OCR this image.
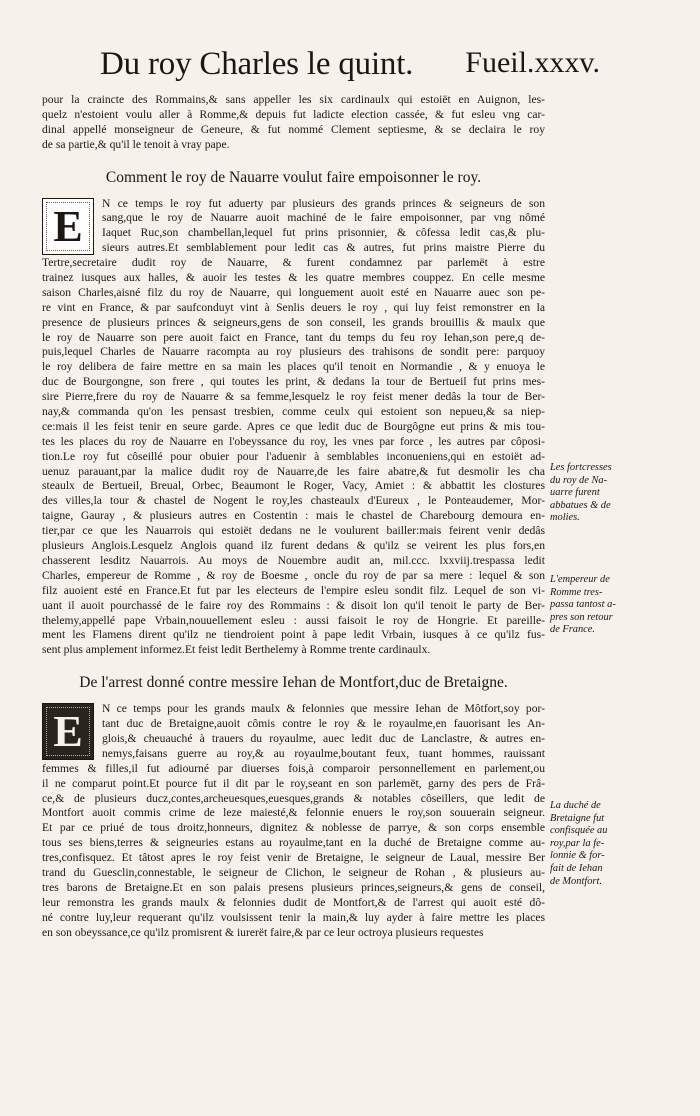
Du roy Charles le quint. Fueil.xxxv.
pour la craincte des Rommains,& sans appeller les six cardinaulx qui estoiët en Auignon, les-
quelz n'estoient voulu aller à Romme,& depuis fut ladicte election cassée, & fut esleu vng car-
dinal appellé monseigneur de Geneure, & fut nommé Clement septiesme, & se declaira le roy
de sa partie,& qu'il le tenoit à vray pape.
Comment le roy de Nauarre voulut faire empoisonner le roy.
E	N ce temps le roy fut aduerty par plusieurs des grands princes & seigneurs de son
sang,que le roy de Nauarre auoit machiné de le faire empoisonner, par vng nômé
Iaquet Ruc,son chambellan,lequel fut prins prisonnier, & côfessa ledit cas,& plu-
sieurs autres.Et semblablement pour ledit cas & autres, fut prins maistre Pierre du
Tertre,secretaire dudit roy de Nauarre, & furent condamnez par parlemët à estre
trainez iusques aux halles, & auoir les testes & les quatre membres couppez. En celle mesme
saison Charles,aisné filz du roy de Nauarre, qui longuement auoit esté en Nauarre auec son pe-
re vint en France, & par saufconduyt vint à Senlis deuers le roy , qui luy feist remonstrer en la
presence de plusieurs princes & seigneurs,gens de son conseil, les grands brouillis & maulx que
le roy de Nauarre son pere auoit faict en France, tant du temps du feu roy Iehan,son pere,q de-
puis,lequel Charles de Nauarre racompta au roy plusieurs des trahisons de sondit pere: parquoy
le roy delibera de faire mettre en sa main les places qu'il tenoit en Normandie , & y enuoya le
duc de Bourgongne, son frere , qui toutes les print, & dedans la tour de Bertueil fut prins mes-
sire Pierre,frere du roy de Nauarre & sa femme,lesquelz le roy feist mener dedâs la tour de Ber-
nay,& commanda qu'on les pensast tresbien, comme ceulx qui estoient son nepueu,& sa niep-
ce:mais il les feist tenir en seure garde. Apres ce que ledit duc de Bourgôgne eut prins & mis tou-
tes les places du roy de Nauarre en l'obeyssance du roy, les vnes par force , les autres par côposi-
tion.Le roy fut côseillé pour obuier pour l'aduenir à semblables inconueniens,qui en estoiët ad-
uenuz parauant,par la malice dudit roy de Nauarre,de les faire abatre,& fut desmolir les cha
steaulx de Bertueil, Breual, Orbec, Beaumont le Roger, Vacy, Amiet : & abbattit les clostures
des villes,la tour & chastel de Nogent le roy,les chasteaulx d'Eureux , le Ponteaudemer, Mor-
taigne, Gauray , & plusieurs autres en Costentin : mais le chastel de Charebourg demoura en-
tier,par ce que les Nauarrois qui estoiët dedans ne le voulurent bailler:mais feirent venir dedâs
plusieurs Anglois.Lesquelz Anglois quand ilz furent dedans & qu'ilz se veirent les plus fors,en
chasserent lesditz Nauarrois. Au moys de Nouembre audit an, mil.ccc. lxxviij.trespassa ledit
Charles, empereur de Romme , & roy de Boesme , oncle du roy de par sa mere : lequel & son
filz auoient esté en France.Et fut par les electeurs de l'empire esleu sondit filz. Lequel de son vi-
uant il auoit pourchassé de le faire roy des Rommains : & disoit lon qu'il tenoit le party de Ber-
thelemy,appellé pape Vrbain,nouuellement esleu : aussi faisoit le roy de Hongrie. Et pareille-
ment les Flamens dirent qu'ilz ne tiendroient point à pape ledit Vrbain, iusques à ce qu'ilz fus-
sent plus amplement informez.Et feist ledit Berthelemy à Romme trente cardinaulx.
De l'arrest donné contre messire Iehan de Montfort,duc de Bretaigne.
E	N ce temps pour les grands maulx & felonnies que messire Iehan de Môtfort,soy por-
tant duc de Bretaigne,auoit cômis contre le roy & le royaulme,en fauorisant les An-
glois,& cheuauché à trauers du royaulme, auec ledit duc de Lanclastre, & autres en-
nemys,faisans guerre au roy,& au royaulme,boutant feux, tuant hommes, rauissant
femmes & filles,il fut adiourné par diuerses fois,à comparoir personnellement en parlement,ou
il ne comparut point.Et pource fut il dit par le roy,seant en son parlemët, garny des pers de Frâ-
ce,& de plusieurs ducz,contes,archeuesques,euesques,grands & notables côseillers, que ledit de
Montfort auoit commis crime de leze maiesté,& felonnie enuers le roy,son souuerain seigneur.
Et par ce priué de tous droitz,honneurs, dignitez & noblesse de parrye, & son corps ensemble
tous ses biens,terres & seigneuries estans au royaulme,tant en la duché de Bretaigne comme au-
tres,confisquez. Et tâtost apres le roy feist venir de Bretaigne, le seigneur de Laual, messire Ber
trand du Guesclin,connestable, le seigneur de Clichon, le seigneur de Rohan , & plusieurs au-
tres barons de Bretaigne.Et en son palais presens plusieurs princes,seigneurs,& gens de conseil,
leur remonstra les grands maulx & felonnies dudit de Montfort,& de l'arrest qui auoit esté dô-
né contre luy,leur requerant qu'ilz voulsissent tenir la main,& luy ayder à faire mettre les places
en son obeyssance,ce qu'ilz promisrent & iurerët faire,& par ce leur octroya plusieurs requestes
Les fortcresses
du roy de Na-
uarre furent
abbatues & de
molies.
L'empereur de
Romme tres-
passa tantost a-
pres son retour
de France.
La duché de
Bretaigne fut
confisquée au
roy,par la fe-
lonnie & for-
fait de Iehan
de Montfort.
